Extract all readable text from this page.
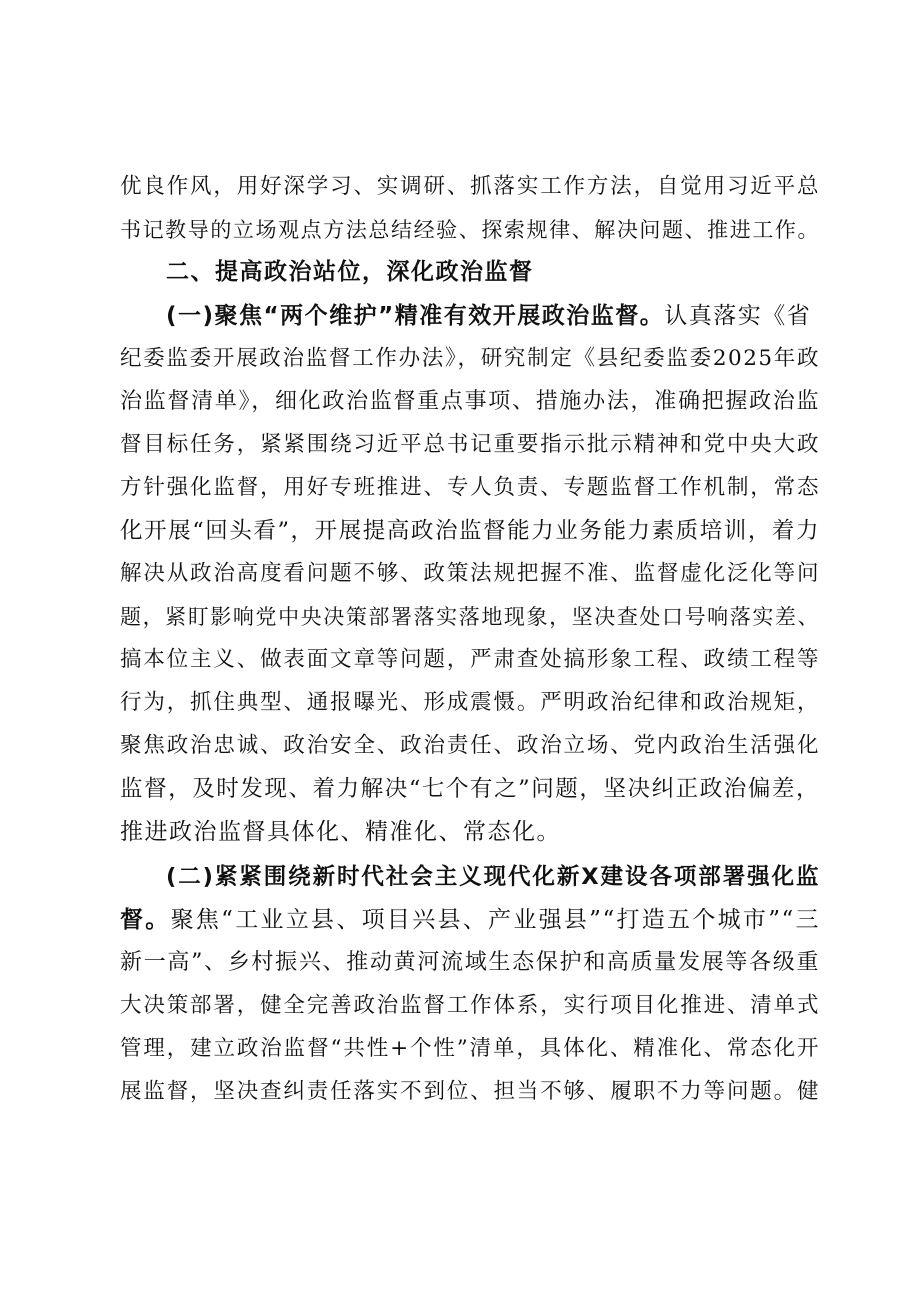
优良作风，用好深学习、实调研、抓落实工作方法，自觉用习近平总
书记教导的立场观点方法总结经验、探索规律、解决问题、推进工作。
二、提高政治站位，深化政治监督
(一)聚焦“两个维护”精准有效开展政治监督。认真落实《省
纪委监委开展政治监督工作办法》，研究制定《县纪委监委2025年政
治监督清单》，细化政治监督重点事项、措施办法，准确把握政治监
督目标任务，紧紧围绕习近平总书记重要指示批示精神和党中央大政
方针强化监督，用好专班推进、专人负责、专题监督工作机制，常态
化开展“回头看”，开展提高政治监督能力业务能力素质培训，着力
解决从政治高度看问题不够、政策法规把握不准、监督虚化泛化等问
题，紧盯影响党中央决策部署落实落地现象，坚决查处口号响落实差、
搞本位主义、做表面文章等问题，严肃查处搞形象工程、政绩工程等
行为，抓住典型、通报曝光、形成震慑。严明政治纪律和政治规矩，
聚焦政治忠诚、政治安全、政治责任、政治立场、党内政治生活强化
监督，及时发现、着力解决“七个有之”问题，坚决纠正政治偏差，
推进政治监督具体化、精准化、常态化。
(二)紧紧围绕新时代社会主义现代化新X建设各项部署强化监
督。聚焦“工业立县、项目兴县、产业强县”“打造五个城市”“三
新一高”、乡村振兴、推动黄河流域生态保护和高质量发展等各级重
大决策部署，健全完善政治监督工作体系，实行项目化推进、清单式
管理，建立政治监督“共性+个性”清单，具体化、精准化、常态化开
展监督，坚决查纠责任落实不到位、担当不够、履职不力等问题。健
